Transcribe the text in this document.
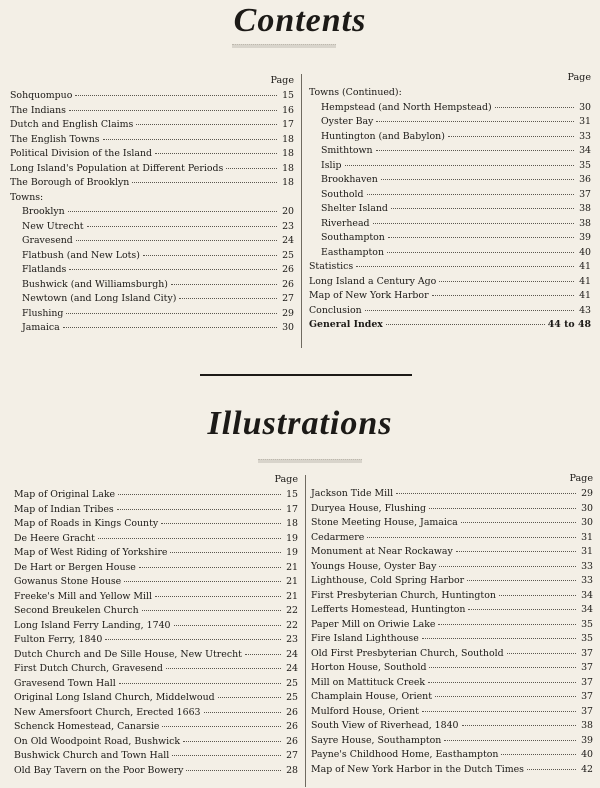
Contents
Page
Sohquompuo	15
The Indians	16
Dutch and English Claims	17
The English Towns	18
Political Division of the Island	18
Long Island's Population at Different Periods	18
The Borough of Brooklyn	18
Towns:
Brooklyn	20
New Utrecht	23
Gravesend	24
Flatbush (and New Lots)	25
Flatlands	26
Bushwick (and Williamsburgh)	26
Newtown (and Long Island City)	27
Flushing	29
Jamaica	30
Page
Towns (Continued):
Hempstead (and North Hempstead)	30
Oyster Bay	31
Huntington (and Babylon)	33
Smithtown	34
Islip	35
Brookhaven	36
Southold	37
Shelter Island	38
Riverhead	38
Southampton	39
Easthampton	40
Statistics	41
Long Island a Century Ago	41
Map of New York Harbor	41
Conclusion	43
General Index	44 to 48
Illustrations
Page
Map of Original Lake	15
Map of Indian Tribes	17
Map of Roads in Kings County	18
De Heere Gracht	19
Map of West Riding of Yorkshire	19
De Hart or Bergen House	21
Gowanus Stone House	21
Freeke's Mill and Yellow Mill	21
Second Breukelen Church	22
Long Island Ferry Landing, 1740	22
Fulton Ferry, 1840	23
Dutch Church and De Sille House, New Utrecht	24
First Dutch Church, Gravesend	24
Gravesend Town Hall	25
Original Long Island Church, Middelwoud	25
New Amersfoort Church, Erected 1663	26
Schenck Homestead, Canarsie	26
On Old Woodpoint Road, Bushwick	26
Bushwick Church and Town Hall	27
Old Bay Tavern on the Poor Bowery	28
Page
Jackson Tide Mill	29
Duryea House, Flushing	30
Stone Meeting House, Jamaica	30
Cedarmere	31
Monument at Near Rockaway	31
Youngs House, Oyster Bay	33
Lighthouse, Cold Spring Harbor	33
First Presbyterian Church, Huntington	34
Lefferts Homestead, Huntington	34
Paper Mill on Oriwie Lake	35
Fire Island Lighthouse	35
Old First Presbyterian Church, Southold	37
Horton House, Southold	37
Mill on Mattituck Creek	37
Champlain House, Orient	37
Mulford House, Orient	37
South View of Riverhead, 1840	38
Sayre House, Southampton	39
Payne's Childhood Home, Easthampton	40
Map of New York Harbor in the Dutch Times	42
